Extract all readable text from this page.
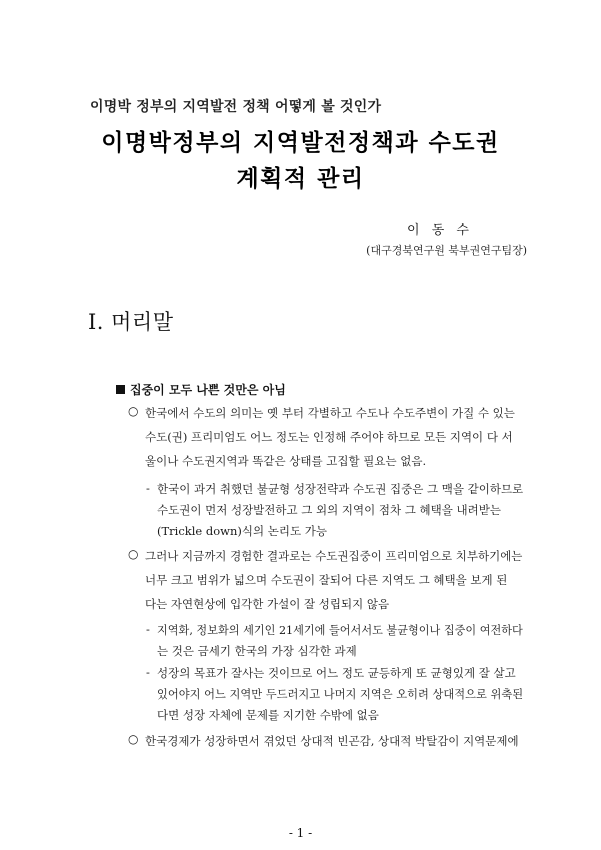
이명박 정부의 지역발전 정책 어떻게 볼 것인가
이명박정부의 지역발전정책과 수도권
계획적 관리
이 동 수
(대구경북연구원 북부권연구팀장)
Ⅰ. 머리말
집중이 모두 나쁜 것만은 아님
○ 한국에서 수도의 의미는 옛 부터 각별하고 수도나 수도주변이 가질 수 있는
수도(권) 프리미엄도 어느 정도는 인정해 주어야 하므로 모든 지역이 다 서
울이나 수도권지역과 똑같은 상태를 고집할 필요는 없음.
- 한국이 과거 취했던 불균형 성장전략과 수도권 집중은 그 맥을 같이하므로
수도권이 먼저 성장발전하고 그 외의 지역이 점차 그 혜택을 내려받는
(Trickle down)식의 논리도 가능
○ 그러나 지금까지 경험한 결과로는 수도권집중이 프리미엄으로 치부하기에는
너무 크고 범위가 넓으며 수도권이 잘되어 다른 지역도 그 혜택을 보게 된
다는 자연현상에 입각한 가설이 잘 성립되지 않음
- 지역화, 정보화의 세기인 21세기에 들어서서도 불균형이나 집중이 여전하다
는 것은 금세기 한국의 가장 심각한 과제
- 성장의 목표가 잘사는 것이므로 어느 정도 균등하게 또 균형있게 잘 살고
있어야지 어느 지역만 두드러지고 나머지 지역은 오히려 상대적으로 위축된
다면 성장 자체에 문제를 지기한 수밖에 없음
○ 한국경제가 성장하면서 겪었던 상대적 빈곤감, 상대적 박탈감이 지역문제에
- 1 -
